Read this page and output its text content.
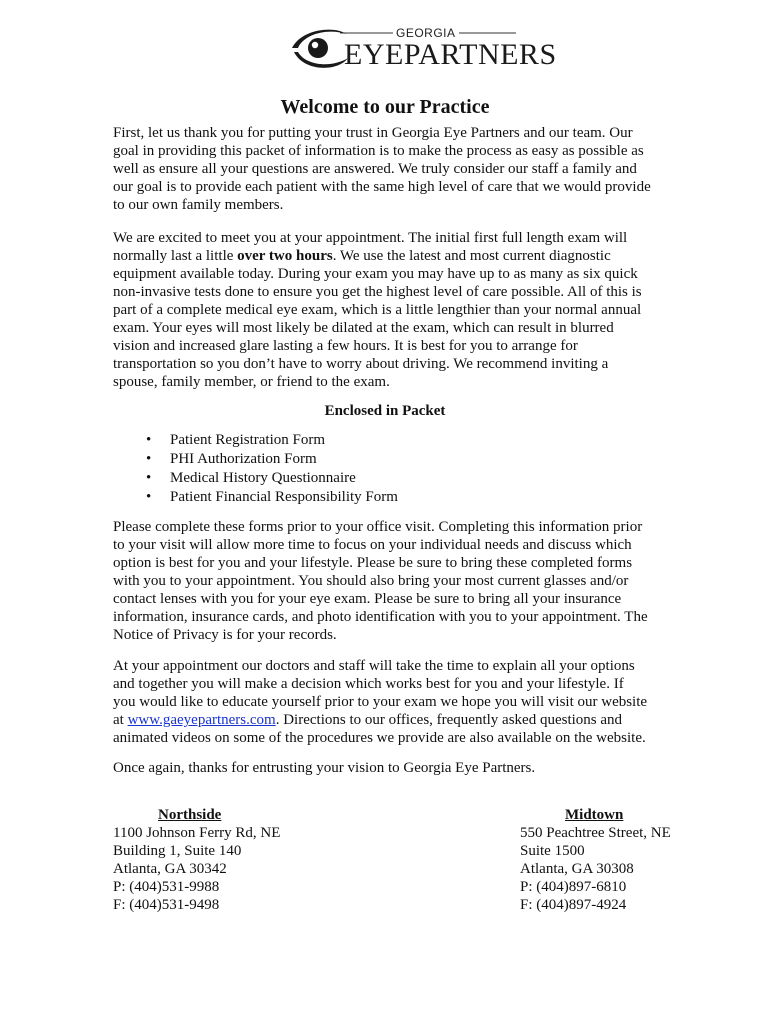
GEORGIA
EYEPARTNERS
Welcome to our Practice

First, let us thank you for putting your trust in Georgia Eye Partners and our team. Our
goal in providing this packet of information is to make the process as easy as possible as
well as ensure all your questions are answered. We truly consider our staff a family and
our goal is to provide each patient with the same high level of care that we would provide
to our own family members.

We are excited to meet you at your appointment. The initial first full length exam will
normally last a little over two hours. We use the latest and most current diagnostic
equipment available today. During your exam you may have up to as many as six quick
non-invasive tests done to ensure you get the highest level of care possible. All of this is
part of a complete medical eye exam, which is a little lengthier than your normal annual
exam. Your eyes will most likely be dilated at the exam, which can result in blurred
vision and increased glare lasting a few hours. It is best for you to arrange for
transportation so you don’t have to worry about driving. We recommend inviting a
spouse, family member, or friend to the exam.

Enclosed in Packet
• Patient Registration Form
• PHI Authorization Form
• Medical History Questionnaire
• Patient Financial Responsibility Form

Please complete these forms prior to your office visit. Completing this information prior
to your visit will allow more time to focus on your individual needs and discuss which
option is best for you and your lifestyle. Please be sure to bring these completed forms
with you to your appointment. You should also bring your most current glasses and/or
contact lenses with you for your eye exam. Please be sure to bring all your insurance
information, insurance cards, and photo identification with you to your appointment. The
Notice of Privacy is for your records.

At your appointment our doctors and staff will take the time to explain all your options
and together you will make a decision which works best for you and your lifestyle. If
you would like to educate yourself prior to your exam we hope you will visit our website
at www.gaeyepartners.com. Directions to our offices, frequently asked questions and
animated videos on some of the procedures we provide are also available on the website.

Once again, thanks for entrusting your vision to Georgia Eye Partners.

Northside
1100 Johnson Ferry Rd, NE
Building 1, Suite 140
Atlanta, GA 30342
P: (404)531-9988
F: (404)531-9498
Midtown
550 Peachtree Street, NE
Suite 1500
Atlanta, GA 30308
P: (404)897-6810
F: (404)897-4924
